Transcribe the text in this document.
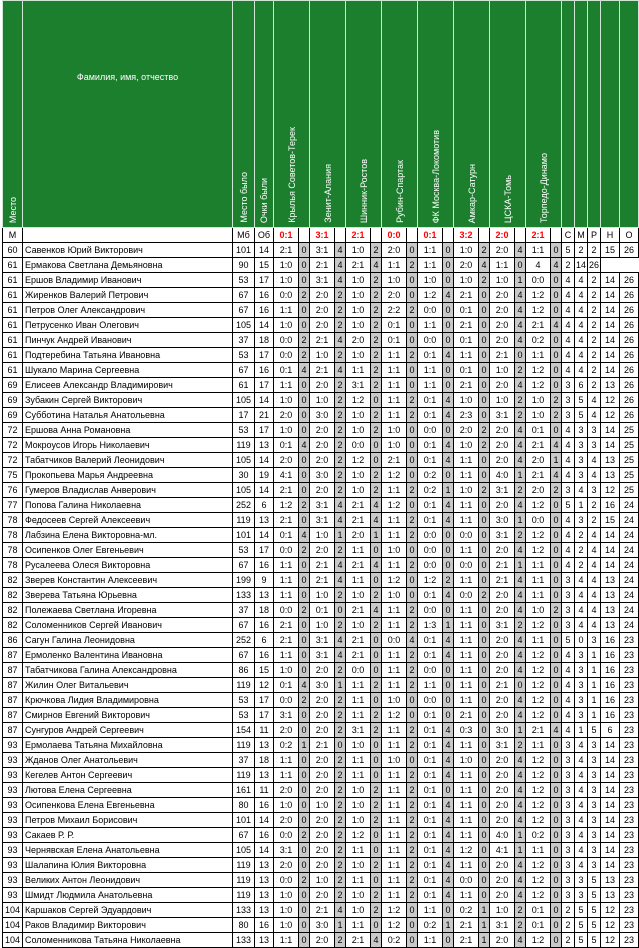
Место	Фамилия, имя, отчество	Место было	Очки были	Крылья Советов-Терек		Зенит-Алания		Шинник-Ростов		Рубин-Спартак		ФК Москва-Локомотив		Амкар-Сатурн		ЦСКА-Томь		Торпедо-Динамо						
М		Мб	Об	0:1		3:1		2:1		0:0		0:1		3:2		2:0		2:1		С	М	Р	Н	О
60	Савенков Юрий Викторович	101	14	2:1	0	3:1	4	1:0	2	2:0	0	1:1	0	1:0	2	2:0	4	1:1	0	5	2	2	15	26
61	Ермакова Светлана Демьяновна	90	15	1:0	0	2:1	4	2:1	4	1:1	2	1:1	0	2:0	4	1:1	0	4	4	2	14	26		
61	Ершов Владимир Иванович	53	17	1:0	0	3:1	4	1:0	2	1:0	0	1:0	0	1:0	2	1:0	1	0:0	0	4	4	2	14	26
61	Жиренков Валерий Петрович	67	16	0:0	2	2:0	2	1:0	2	2:0	0	1:2	4	2:1	0	2:0	4	1:2	0	4	4	2	14	26
61	Петров Олег Александрович	67	16	1:1	0	2:0	2	1:0	2	2:2	2	0:0	0	0:1	0	2:0	4	1:2	0	4	4	2	14	26
61	Петрусенко Иван Олегович	105	14	1:0	0	2:0	2	1:0	2	0:1	0	1:1	0	2:1	0	2:0	4	2:1	4	4	4	2	14	26
61	Пинчук Андрей Иванович	37	18	0:0	2	2:1	4	2:0	2	0:1	0	0:0	0	0:1	0	2:0	4	0:2	0	4	4	2	14	26
61	Подтеребина Татьяна Ивановна	53	17	0:0	2	1:0	2	1:0	2	1:1	2	0:1	4	1:1	0	2:1	0	1:1	0	4	4	2	14	26
61	Шукало Марина Сергеевна	67	16	0:1	4	2:1	4	1:1	2	1:1	0	1:1	0	0:1	0	1:0	2	1:2	0	4	4	2	14	26
69	Елисеев Александр Владимирович	61	17	1:1	0	2:0	2	3:1	2	1:1	0	1:1	0	2:1	0	2:0	4	1:2	0	3	6	2	13	26
69	Зубакин Сергей Викторович	105	14	1:0	0	1:0	2	1:2	0	1:1	2	0:1	4	1:0	0	1:0	2	1:0	2	3	5	4	12	26
69	Субботина Наталья Анатольевна	17	21	2:0	0	3:0	2	1:0	2	1:1	2	0:1	4	2:3	0	3:1	2	1:0	2	3	5	4	12	26
72	Ершова Анна Романовна	53	17	1:0	0	2:0	2	1:0	2	1:0	0	0:0	0	2:0	2	2:0	4	0:1	0	4	3	3	14	25
72	Мокроусов Игорь Николаевич	119	13	0:1	4	2:0	2	0:0	0	1:0	0	0:1	4	1:0	2	2:0	4	2:1	4	4	3	3	14	25
72	Табатчиков Валерий Леонидович	105	14	2:0	0	2:0	2	1:2	0	2:1	0	0:1	4	1:1	0	2:0	4	2:0	1	4	3	4	13	25
75	Прокопьева Марья Андреевна	30	19	4:1	0	3:0	2	1:0	2	1:2	0	0:2	0	1:1	0	4:0	1	2:1	4	4	3	4	13	25
76	Гумеров Владислав Анверович	105	14	2:1	0	2:0	2	1:0	2	1:1	2	0:2	1	1:0	2	3:1	2	2:0	2	3	4	3	12	25
77	Попова Галина Николаевна	252	6	1:2	2	3:1	4	2:1	4	1:2	0	0:1	4	1:1	0	2:0	4	1:2	0	5	1	2	16	24
78	Федосеев Сергей Алексеевич	119	13	2:1	0	3:1	4	2:1	4	1:1	2	0:1	4	1:1	0	3:0	1	0:0	0	4	3	2	15	24
78	Лабзина Елена Викторовна-мл.	101	14	0:1	4	1:0	1	2:0	1	1:1	2	0:0	0	0:0	0	3:1	2	1:2	0	4	2	4	14	24
78	Осипенков Олег Евгеньевич	53	17	0:0	2	2:0	2	1:1	0	1:0	0	0:0	0	1:1	0	2:0	4	1:2	0	4	2	4	14	24
78	Русалеева Олеся Викторовна	67	16	1:1	0	2:1	4	2:1	4	1:1	2	0:0	0	0:0	0	2:1	1	1:1	0	4	2	4	14	24
82	Зверев Константин Алексеевич	199	9	1:1	0	2:1	4	1:1	0	1:2	0	1:2	2	1:1	0	2:1	4	1:1	0	3	4	4	13	24
82	Зверева Татьяна Юрьевна	133	13	1:1	0	1:0	2	1:0	2	1:0	0	0:1	4	0:0	2	2:0	4	1:1	0	3	4	4	13	24
82	Полежаева Светлана Игоревна	37	18	0:0	2	0:1	0	2:1	4	1:1	2	0:0	0	1:1	0	2:0	4	1:0	2	3	4	4	13	24
82	Соломенников Сергей Иванович	67	16	2:1	0	1:0	2	1:0	2	1:1	2	1:3	1	1:1	0	3:1	2	1:2	0	3	4	4	13	24
86	Сагун Галина Леонидовна	252	6	2:1	0	3:1	4	2:1	0	0:0	4	0:1	4	1:1	0	2:0	4	1:1	0	5	0	3	16	23
87	Ермоленко Валентина Ивановна	67	16	1:1	0	3:1	4	2:1	0	1:1	2	0:1	4	1:1	0	2:0	4	1:2	0	4	3	1	16	23
87	Табатчикова Галина Александровна	86	15	1:0	0	2:0	2	0:0	0	1:1	2	0:0	0	1:1	0	2:0	4	1:2	0	4	3	1	16	23
87	Жилин Олег Витальевич	119	12	0:1	4	3:0	1	1:1	2	1:1	2	1:1	0	1:1	0	2:1	0	1:2	0	4	3	1	16	23
87	Крючкова Лидия Владимировна	53	17	0:0	2	2:0	2	1:1	0	1:0	0	0:0	0	1:1	0	2:0	4	1:2	0	4	3	1	16	23
87	Смирнов Евгений Викторович	53	17	3:1	0	2:0	2	1:1	2	1:2	0	0:1	0	2:1	0	2:0	4	1:2	0	4	3	1	16	23
87	Сунгуров Андрей Сергеевич	154	11	2:0	0	2:0	2	3:1	2	1:1	2	0:1	4	0:3	0	3:0	1	2:1	4	4	1	5	6	23
93	Ермолаева Татьяна Михайловна	119	13	0:2	1	2:1	0	1:0	0	1:1	2	0:1	4	1:1	0	3:1	2	1:1	0	3	4	3	14	23
93	Жданов Олег Анатольевич	37	18	1:1	0	2:0	2	1:1	0	1:0	0	0:1	4	1:0	0	2:0	4	1:2	0	3	4	3	14	23
93	Кегелев Антон Сергеевич	119	13	1:1	0	2:0	2	1:1	0	1:1	2	0:1	4	1:1	0	2:0	4	1:2	0	3	4	3	14	23
93	Лютова Елена Сергеевна	161	11	2:0	0	2:0	2	1:0	2	1:1	2	0:1	0	1:1	0	2:0	4	1:2	0	3	4	3	14	23
93	Осипенкова Елена Евгеньевна	80	16	1:0	0	1:0	2	1:0	2	1:1	2	0:1	4	1:1	0	2:0	4	1:2	0	3	4	3	14	23
93	Петров Михаил Борисович	101	14	2:0	0	2:0	2	1:0	2	1:1	2	0:1	4	1:1	0	2:0	4	1:2	0	3	4	3	14	23
93	Сакаев Р. Р.	67	16	0:0	2	2:0	2	1:2	0	1:1	2	0:1	4	1:1	0	4:0	1	0:2	0	3	4	3	14	23
93	Чернявская Елена Анатольевна	105	14	3:1	0	2:0	2	1:1	0	1:1	2	0:1	4	1:2	0	4:1	1	1:1	0	3	4	3	14	23
93	Шалапина Юлия Викторовна	119	13	2:0	0	2:0	2	1:0	2	1:1	2	0:1	4	1:1	0	2:0	4	1:2	0	3	4	3	14	23
93	Великих Антон Леонидович	119	13	0:0	2	1:0	2	1:1	0	1:1	2	0:1	4	0:0	0	2:0	4	1:2	0	3	3	5	13	23
93	Шмидт Людмила Анатольевна	119	13	1:0	0	2:0	2	1:0	2	1:1	2	0:1	4	1:1	0	2:0	4	1:2	0	3	3	5	13	23
104	Каршаков Сергей Эдуардович	133	13	1:0	0	2:1	4	1:0	2	1:2	0	1:1	0	0:2	1	1:0	2	0:1	0	2	5	5	12	23
104	Раков Владимир Викторович	80	16	1:0	0	3:0	1	1:1	0	1:2	0	0:2	1	2:1	1	3:1	2	0:1	0	2	5	5	12	23
104	Соломенникова Татьяна Николаевна	133	13	1:1	0	2:0	2	2:1	4	0:2	0	1:1	0	2:1	1	2:0	4	1:2	0	2	5	5	12	23
